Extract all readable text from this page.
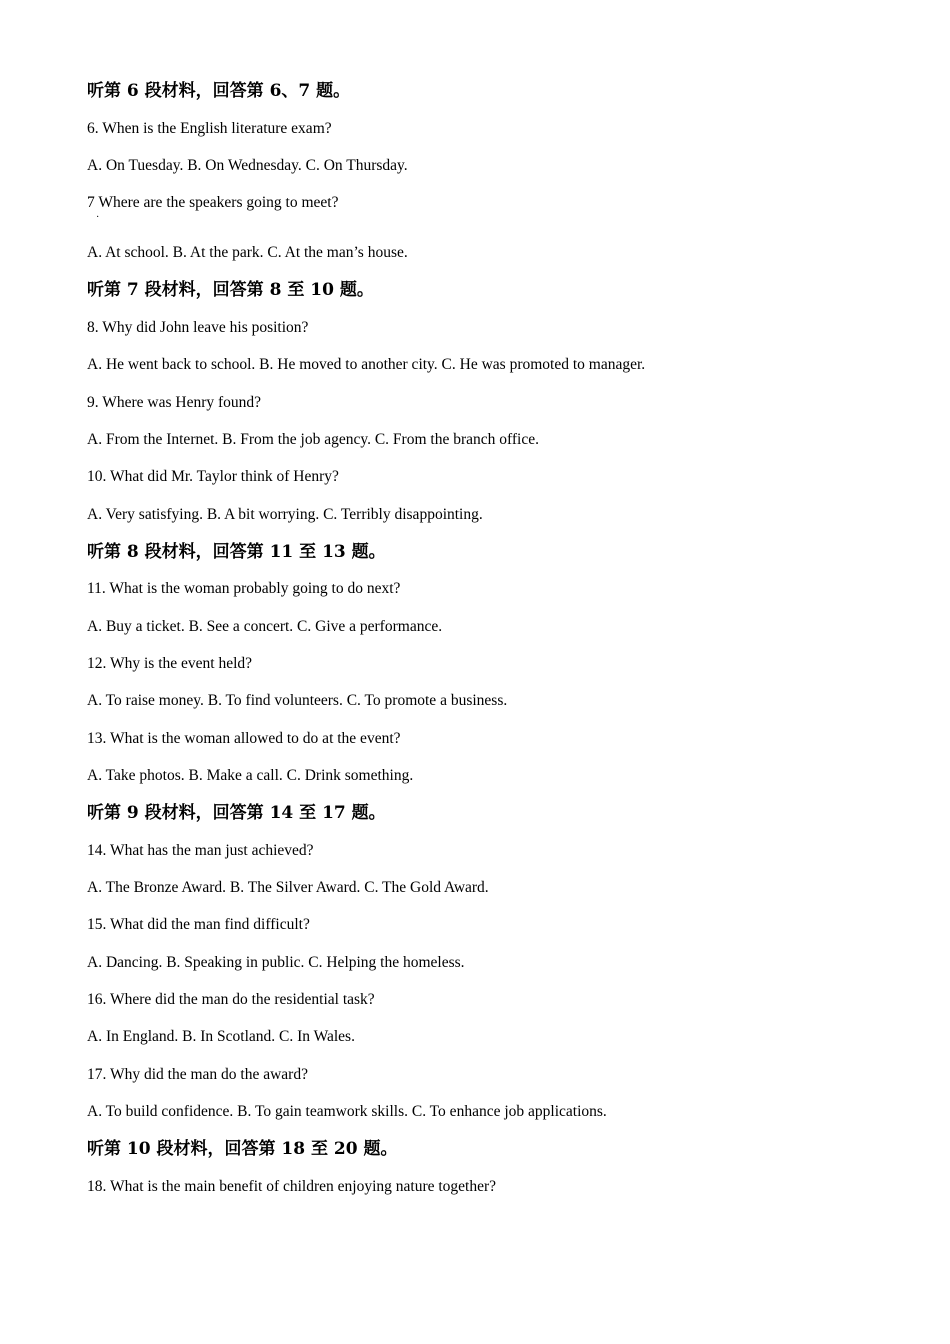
听第 6 段材料，回答第 6、7 题。
6. When is the English literature exam?
A. On Tuesday. B. On Wednesday. C. On Thursday.
7 Where are the speakers going to meet?
·
A. At school. B. At the park. C. At the man’s house.
听第 7 段材料，回答第 8 至 10 题。
8. Why did John leave his position?
A. He went back to school. B. He moved to another city. C. He was promoted to manager.
9. Where was Henry found?
A. From the Internet. B. From the job agency. C. From the branch office.
10. What did Mr. Taylor think of Henry?
A. Very satisfying. B. A bit worrying. C. Terribly disappointing.
听第 8 段材料，回答第 11 至 13 题。
11. What is the woman probably going to do next?
A. Buy a ticket. B. See a concert. C. Give a performance.
12. Why is the event held?
A. To raise money. B. To find volunteers. C. To promote a business.
13. What is the woman allowed to do at the event?
A. Take photos. B. Make a call. C. Drink something.
听第 9 段材料，回答第 14 至 17 题。
14. What has the man just achieved?
A. The Bronze Award. B. The Silver Award. C. The Gold Award.
15. What did the man find difficult?
A. Dancing. B. Speaking in public. C. Helping the homeless.
16. Where did the man do the residential task?
A. In England. B. In Scotland. C. In Wales.
17. Why did the man do the award?
A. To build confidence. B. To gain teamwork skills. C. To enhance job applications.
听第 10 段材料，回答第 18 至 20 题。
18. What is the main benefit of children enjoying nature together?
